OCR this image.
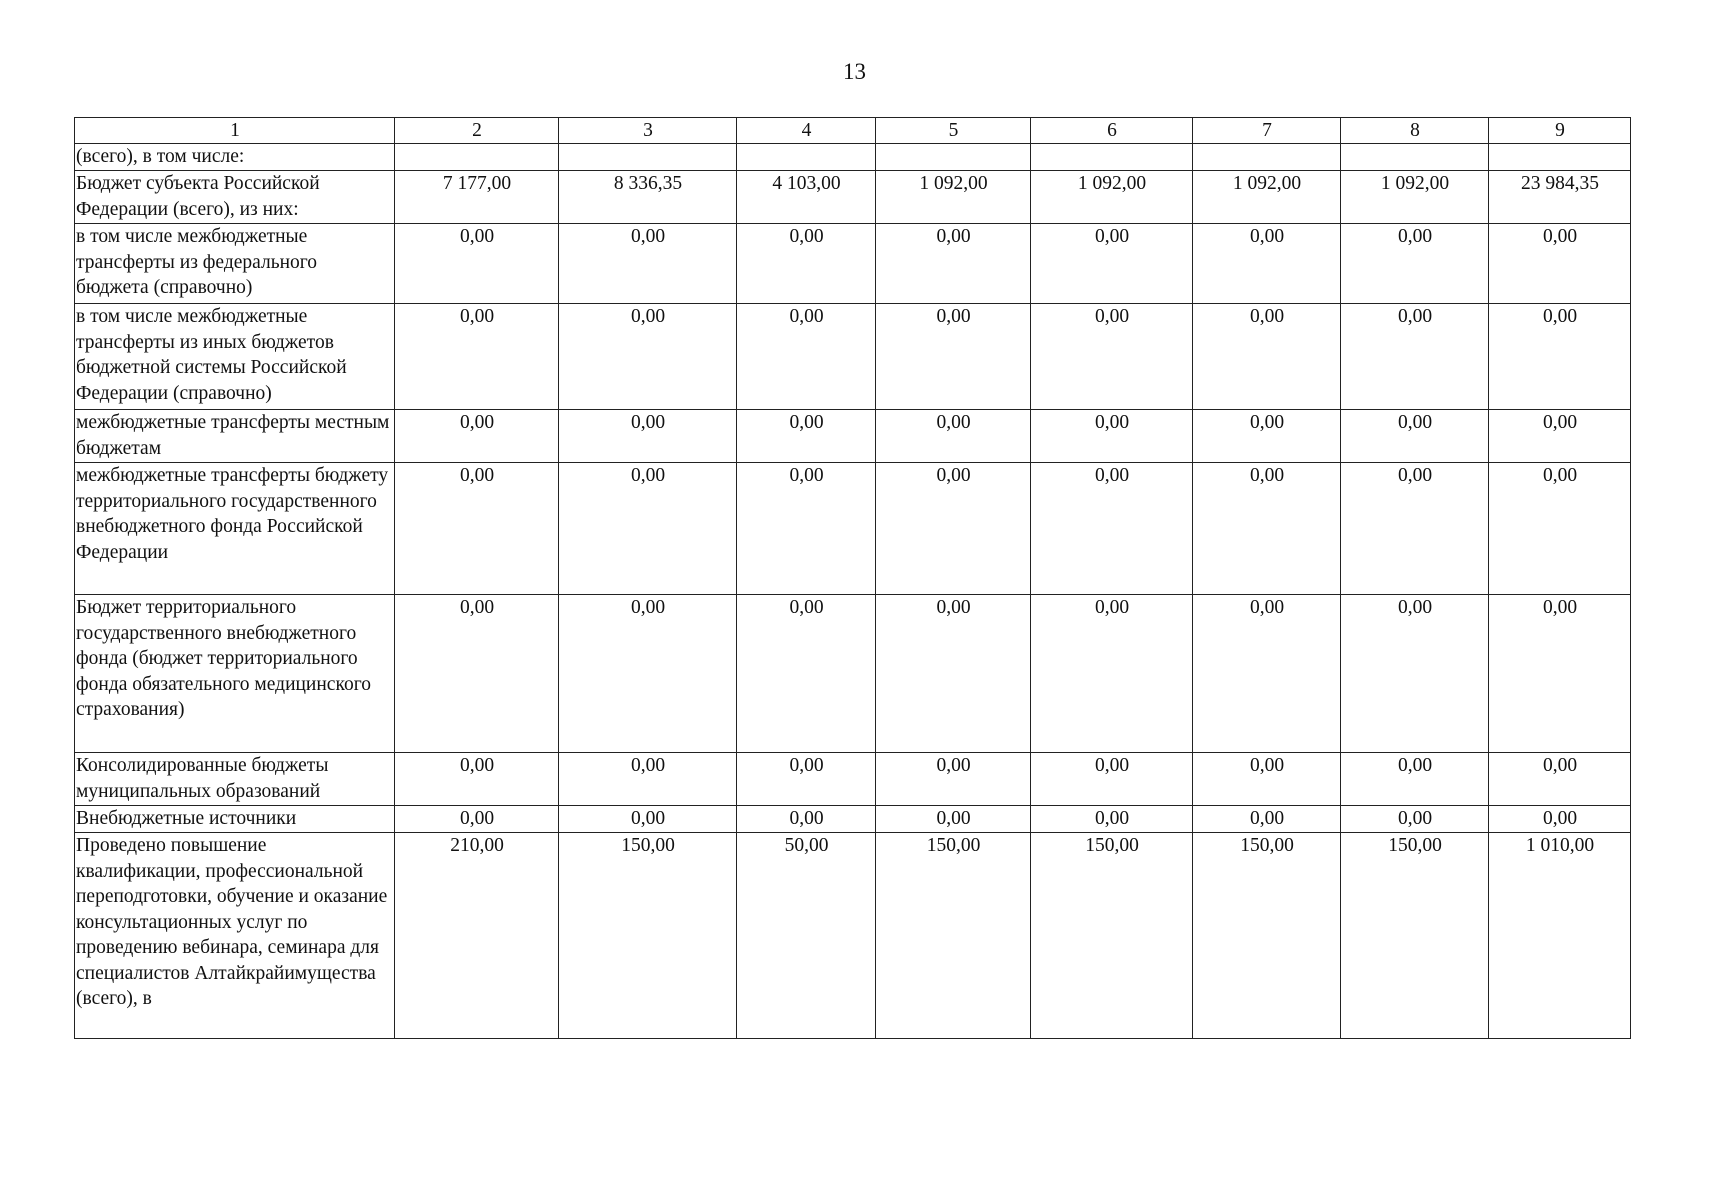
13
1	2	3	4	5	6	7	8	9
(всего), в том числе:								
Бюджет субъекта Российской Федерации (всего), из них:	7 177,00	8 336,35	4 103,00	1 092,00	1 092,00	1 092,00	1 092,00	23 984,35
в том числе межбюджетные трансферты из федерального бюджета (справочно)	0,00	0,00	0,00	0,00	0,00	0,00	0,00	0,00
в том числе межбюджетные трансферты из иных бюджетов бюджетной системы Российской Федерации (справочно)	0,00	0,00	0,00	0,00	0,00	0,00	0,00	0,00
межбюджетные трансферты местным бюджетам	0,00	0,00	0,00	0,00	0,00	0,00	0,00	0,00
межбюджетные трансферты бюджету территориального государственного внебюджетного фонда Российской Федерации	0,00	0,00	0,00	0,00	0,00	0,00	0,00	0,00
Бюджет территориального государственного внебюджетного фонда (бюджет территориального фонда обязательного медицинского страхования)	0,00	0,00	0,00	0,00	0,00	0,00	0,00	0,00
Консолидированные бюджеты муниципальных образований	0,00	0,00	0,00	0,00	0,00	0,00	0,00	0,00
Внебюджетные источники	0,00	0,00	0,00	0,00	0,00	0,00	0,00	0,00
Проведено повышение квалификации, профессиональной переподготовки, обучение и оказание консультационных услуг по проведению вебинара, семинара для специалистов Алтайкрайимущества (всего), в	210,00	150,00	50,00	150,00	150,00	150,00	150,00	1 010,00
